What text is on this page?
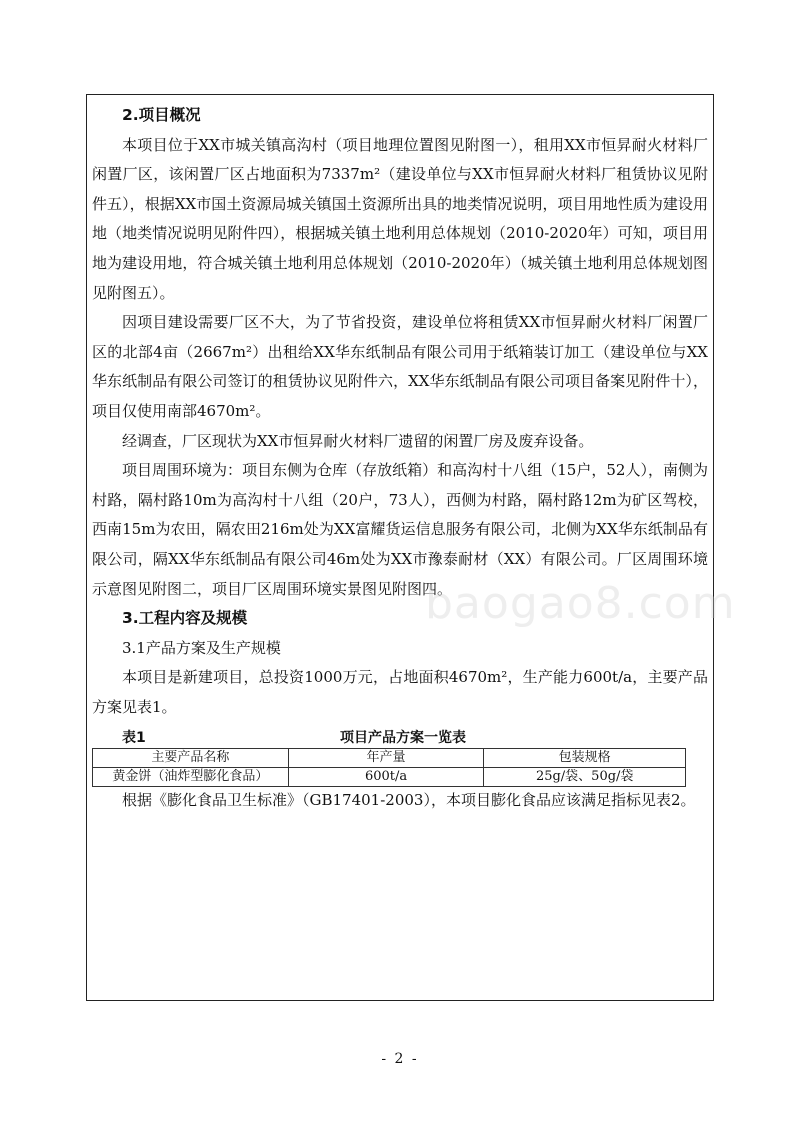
2.项目概况

本项目位于XX市城关镇高沟村（项目地理位置图见附图一），租用XX市恒昇耐火材料厂闲置厂区，该闲置厂区占地面积为7337m²（建设单位与XX市恒昇耐火材料厂租赁协议见附件五），根据XX市国土资源局城关镇国土资源所出具的地类情况说明，项目用地性质为建设用地（地类情况说明见附件四），根据城关镇土地利用总体规划（2010-2020年）可知，项目用地为建设用地，符合城关镇土地利用总体规划（2010-2020年）（城关镇土地利用总体规划图见附图五）。

因项目建设需要厂区不大，为了节省投资，建设单位将租赁XX市恒昇耐火材料厂闲置厂区的北部4亩（2667m²）出租给XX华东纸制品有限公司用于纸箱装订加工（建设单位与XX华东纸制品有限公司签订的租赁协议见附件六，XX华东纸制品有限公司项目备案见附件十），项目仅使用南部4670m²。

经调查，厂区现状为XX市恒昇耐火材料厂遗留的闲置厂房及废弃设备。

项目周围环境为：项目东侧为仓库（存放纸箱）和高沟村十八组（15户，52人），南侧为村路，隔村路10m为高沟村十八组（20户，73人），西侧为村路，隔村路12m为矿区驾校，西南15m为农田，隔农田216m处为XX富耀货运信息服务有限公司，北侧为XX华东纸制品有限公司，隔XX华东纸制品有限公司46m处为XX市豫泰耐材（XX）有限公司。厂区周围环境示意图见附图二，项目厂区周围环境实景图见附图四。

3.工程内容及规模

3.1产品方案及生产规模

本项目是新建项目，总投资1000万元，占地面积4670m²，生产能力600t/a，主要产品方案见表1。

表1	项目产品方案一览表
主要产品名称	年产量	包装规格
黄金饼（油炸型膨化食品）	600t/a	25g/袋、50g/袋

根据《膨化食品卫生标准》（GB17401-2003），本项目膨化食品应该满足指标见表2。

baogao8.com
- 2 -
